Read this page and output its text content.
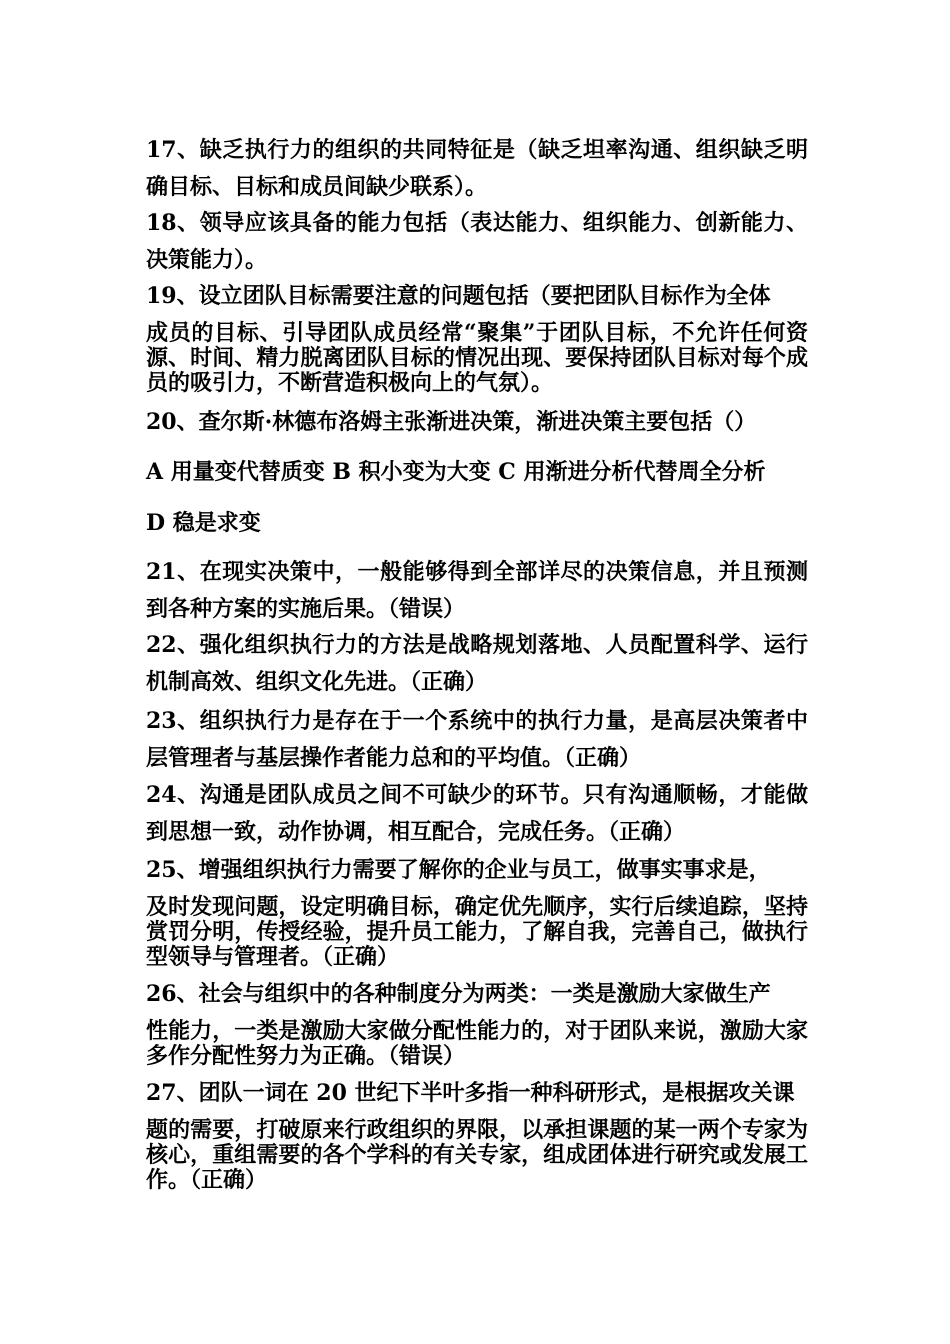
17、缺乏执行力的组织的共同特征是（缺乏坦率沟通、组织缺乏明确目标、目标和成员间缺少联系）。

18、领导应该具备的能力包括（表达能力、组织能力、创新能力、决策能力）。

19、设立团队目标需要注意的问题包括（要把团队目标作为全体
成员的目标、引导团队成员经常“聚集”于团队目标，不允许任何资源、时间、精力脱离团队目标的情况出现、要保持团队目标对每个成员的吸引力，不断营造积极向上的气氛）。

20、查尔斯·林德布洛姆主张渐进决策，渐进决策主要包括（）

A 用量变代替质变 B 积小变为大变 C 用渐进分析代替周全分析

D 稳是求变

21、在现实决策中，一般能够得到全部详尽的决策信息，并且预测到各种方案的实施后果。（错误）

22、强化组织执行力的方法是战略规划落地、人员配置科学、运行机制高效、组织文化先进。（正确）

23、组织执行力是存在于一个系统中的执行力量，是高层决策者中层管理者与基层操作者能力总和的平均值。（正确）

24、沟通是团队成员之间不可缺少的环节。只有沟通顺畅，才能做到思想一致，动作协调，相互配合，完成任务。（正确）

25、增强组织执行力需要了解你的企业与员工，做事实事求是，
及时发现问题，设定明确目标，确定优先顺序，实行后续追踪，坚持赏罚分明，传授经验，提升员工能力，了解自我，完善自己，做执行型领导与管理者。（正确）
26、社会与组织中的各种制度分为两类：一类是激励大家做生产
性能力，一类是激励大家做分配性能力的，对于团队来说，激励大家多作分配性努力为正确。（错误）
27、团队一词在 20 世纪下半叶多指一种科研形式，是根据攻关课
题的需要，打破原来行政组织的界限，以承担课题的某一两个专家为核心，重组需要的各个学科的有关专家，组成团体进行研究或发展工作。（正确）
